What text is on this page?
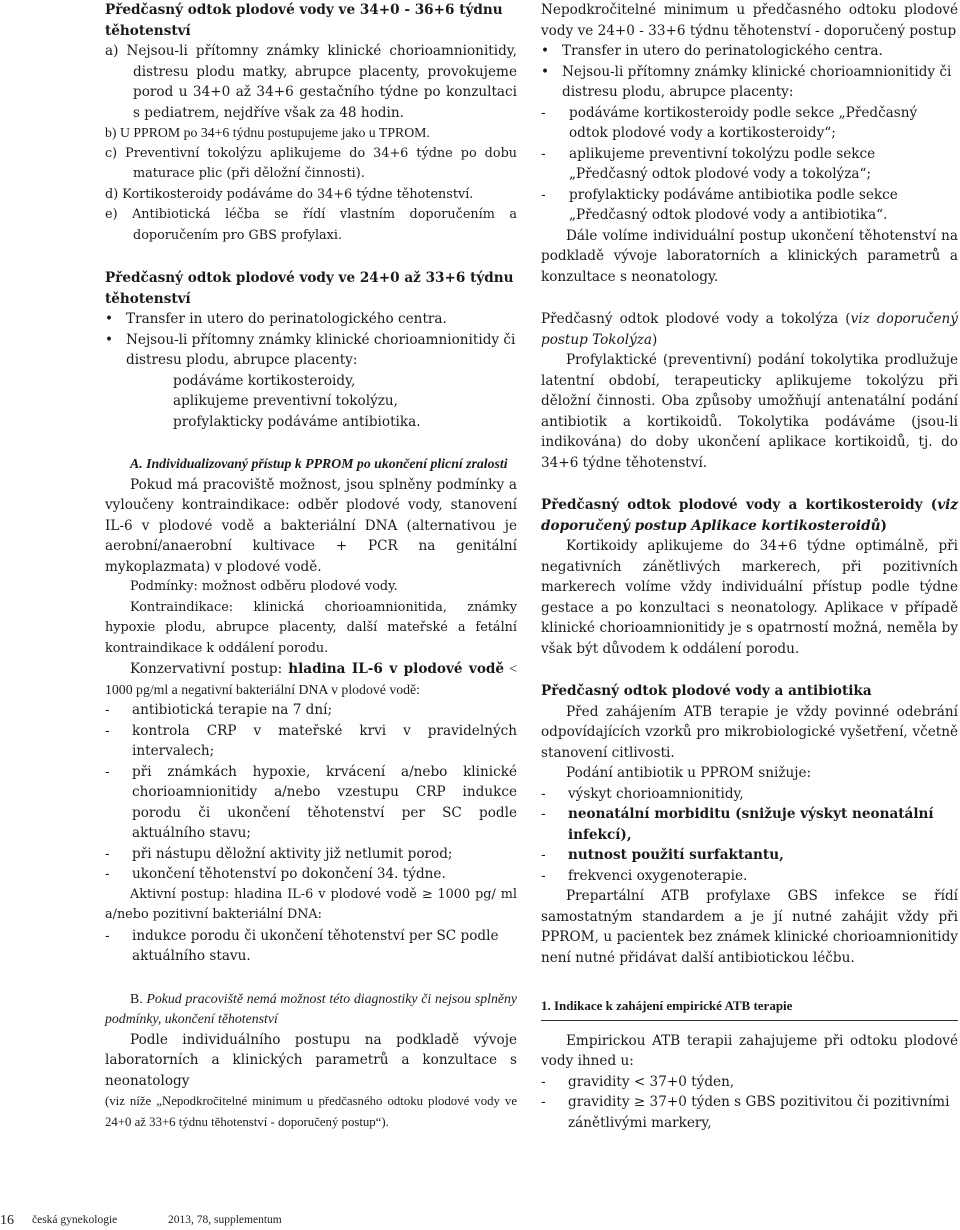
Předčasný odtok plodové vody ve 34+0 - 36+6 týdnu těhotenství

a) Nejsou-li přítomny známky klinické chorioamnionitidy, distresu plodu matky, abrupce placenty, provokujeme porod u 34+0 až 34+6 gestačního týdne po konzultaci s pediatrem, nejdříve však za 48 hodin.

b) U PPROM po 34+6 týdnu postupujeme jako u TPROM.

c) Preventivní tokolýzu aplikujeme do 34+6 týdne po dobu maturace plic (při děložní činnosti).

d) Kortikosteroidy podáváme do 34+6 týdne těhotenství.

e) Antibiotická léčba se řídí vlastním doporučením a doporučením pro GBS profylaxi.

Předčasný odtok plodové vody ve 24+0 až 33+6 týdnu těhotenství

• Transfer in utero do perinatologického centra.
• Nejsou-li přítomny známky klinické chorioamnionitidy či distresu plodu, abrupce placenty:

podáváme kortikosteroidy,

aplikujeme preventivní tokolýzu,

profylakticky podáváme antibiotika.

A. Individualizovaný přístup k PPROM po ukončení plicní zralosti

Pokud má pracoviště možnost, jsou splněny podmínky a vyloučeny kontraindikace: odběr plodové vody, stanovení IL-6 v plodové vodě a bakteriální DNA (alternativou je aerobní/anaerobní kultivace + PCR na genitální mykoplazmata) v plodové vodě.

Podmínky: možnost odběru plodové vody.

Kontraindikace: klinická chorioamnionitida, známky hypoxie plodu, abrupce placenty, další mateřské a fetální kontraindikace k oddálení porodu.

Konzervativní postup: hladina IL-6 v plodové vodě < 1000 pg/ml a negativní bakteriální DNA v plodové vodě:

-	antibiotická terapie na 7 dní;
-	kontrola CRP v mateřské krvi v pravidelných intervalech;
-	při známkách hypoxie, krvácení a/nebo klinické chorioamnionitidy a/nebo vzestupu CRP indukce porodu či ukončení těhotenství per SC podle aktuálního stavu;
-	při nástupu děložní aktivity již netlumit porod;
-	ukončení těhotenství po dokončení 34. týdne.

Aktivní postup: hladina IL-6 v plodové vodě ≥ 1000 pg/ ml a/nebo pozitivní bakteriální DNA:

-	indukce porodu či ukončení těhotenství per SC podle aktuálního stavu.

B. Pokud pracoviště nemá možnost této diagnostiky či nejsou splněny podmínky, ukončení těhotenství

Podle individuálního postupu na podkladě vývoje laboratorních a klinických parametrů a konzultace s neonatology

(viz níže „Nepodkročitelné minimum u předčasného odtoku plodové vody ve 24+0 až 33+6 týdnu těhotenství - doporučený postup“).

Nepodkročitelné minimum u předčasného odtoku plodové vody ve 24+0 - 33+6 týdnu těhotenství - doporučený postup

• Transfer in utero do perinatologického centra.
• Nejsou-li přítomny známky klinické chorioamnionitidy či distresu plodu, abrupce placenty:
-	podáváme kortikosteroidy podle sekce „Předčasný odtok plodové vody a kortikosteroidy“;
-	aplikujeme preventivní tokolýzu podle sekce „Předčasný odtok plodové vody a tokolýza“;
-	profylakticky podáváme antibiotika podle sekce „Předčasný odtok plodové vody a antibiotika“.

Dále volíme individuální postup ukončení těhotenství na podkladě vývoje laboratorních a klinických parametrů a konzultace s neonatology.

Předčasný odtok plodové vody a tokolýza (viz doporučený postup Tokolýza)

Profylaktické (preventivní) podání tokolytika prodlužuje latentní období, terapeuticky aplikujeme tokolýzu při děložní činnosti. Oba způsoby umožňují antenatální podání antibiotik a kortikoidů. Tokolytika podáváme (jsou-li indikována) do doby ukončení aplikace kortikoidů, tj. do 34+6 týdne těhotenství.

Předčasný odtok plodové vody a kortikosteroidy (viz doporučený postup Aplikace kortikosteroidů)

Kortikoidy aplikujeme do 34+6 týdne optimálně, při negativních zánětlivých markerech, při pozitivních markerech volíme vždy individuální přístup podle týdne gestace a po konzultaci s neonatology. Aplikace v případě klinické chorioamnionitidy je s opatrností možná, neměla by však být důvodem k oddálení porodu.

Předčasný odtok plodové vody a antibiotika

Před zahájením ATB terapie je vždy povinné odebrání odpovídajících vzorků pro mikrobiologické vyšetření, včetně stanovení citlivosti.

Podání antibiotik u PPROM snižuje:

-	výskyt chorioamnionitidy,
-	neonatální morbiditu (snižuje výskyt neonatální infekcí),
-	nutnost použití surfaktantu,
-	frekvenci oxygenoterapie.

Prepartální ATB profylaxe GBS infekce se řídí samostatným standardem a je jí nutné zahájit vždy při PPROM, u pacientek bez známek klinické chorioamnionitidy není nutné přidávat další antibiotickou léčbu.

1. Indikace k zahájení empirické ATB terapie

Empirickou ATB terapii zahajujeme při odtoku plodové vody ihned u:

-	gravidity < 37+0 týden,
-	gravidity ≥ 37+0 týden s GBS pozitivitou či pozitivními zánětlivými markery,
16 česká gynekologie	2013, 78, supplementum
